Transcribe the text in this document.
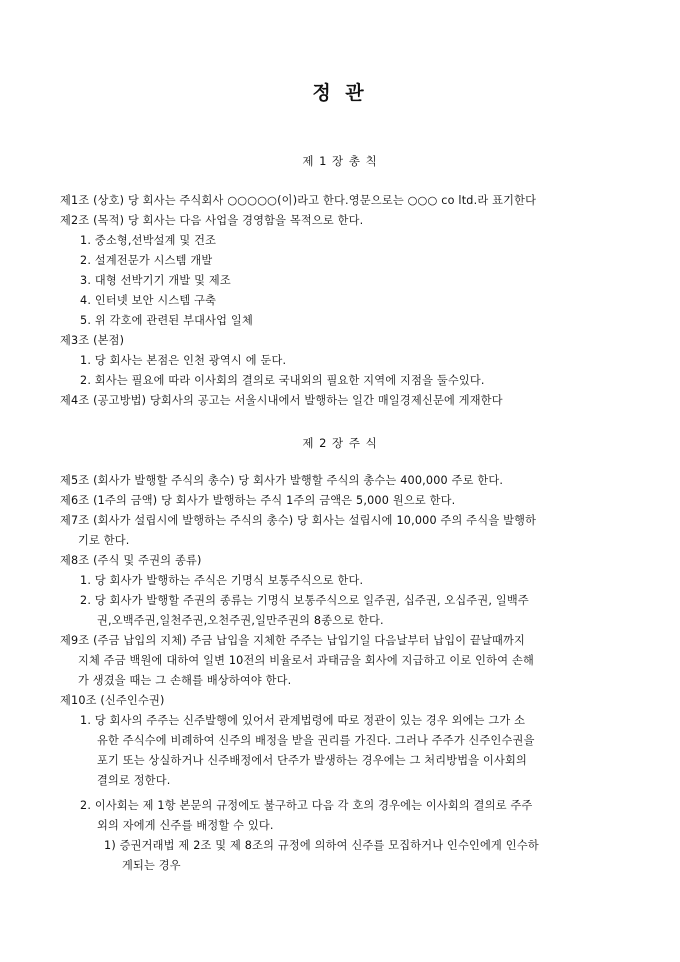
정 관
제 1 장 총 칙
제1조 (상호) 당 회사는 주식회사 ○○○○○(이)라고 한다.영문으로는 ○○○ co ltd.라 표기한다
제2조 (목적) 당 회사는 다음 사업을 경영함을 목적으로 한다.
1. 중소형,선박설계 및 건조
2. 설계전문가 시스템 개발
3. 대형 선박기기 개발 및 제조
4. 인터넷 보안 시스템 구축
5. 위 각호에 관련된 부대사업 일체
제3조 (본점)
1. 당 회사는 본점은 인천 광역시 에 둔다.
2. 회사는 필요에 따라 이사회의 결의로 국내외의 필요한 지역에 지점을 둘수있다.
제4조 (공고방법) 당회사의 공고는 서울시내에서 발행하는 일간 매일경제신문에 게재한다
제 2 장 주 식
제5조 (회사가 발행할 주식의 총수) 당 회사가 발행할 주식의 총수는 400,000 주로 한다.
제6조 (1주의 금액) 당 회사가 발행하는 주식 1주의 금액은 5,000 원으로 한다.
제7조 (회사가 설립시에 발행하는 주식의 총수) 당 회사는 설립시에 10,000 주의 주식을 발행하
기로 한다.
제8조 (주식 및 주권의 종류)
1. 당 회사가 발행하는 주식은 기명식 보통주식으로 한다.
2. 당 회사가 발행할 주권의 종류는 기명식 보통주식으로 일주권, 십주권, 오십주권, 일백주
권,오백주권,일천주권,오천주권,일만주권의 8종으로 한다.
제9조 (주금 납입의 지체) 주금 납입을 지체한 주주는 납입기일 다음날부터 납입이 끝날때까지
지체 주금 백원에 대하여 일변 10전의 비율로서 과태금을 회사에 지급하고 이로 인하여 손해
가 생겼을 때는 그 손해를 배상하여야 한다.
제10조 (신주인수권)
1. 당 회사의 주주는 신주발행에 있어서 관계법령에 따로 정관이 있는 경우 외에는 그가 소
유한 주식수에 비례하여 신주의 배정을 받을 권리를 가진다. 그러나 주주가 신주인수권을
포기 또는 상실하거나 신주배정에서 단주가 발생하는 경우에는 그 처리방법을 이사회의
결의로 정한다.
2. 이사회는 제 1항 본문의 규정에도 불구하고 다음 각 호의 경우에는 이사회의 결의로 주주
외의 자에게 신주를 배정할 수 있다.
1) 증권거래법 제 2조 및 제 8조의 규정에 의하여 신주를 모집하거나 인수인에게 인수하
게되는 경우
